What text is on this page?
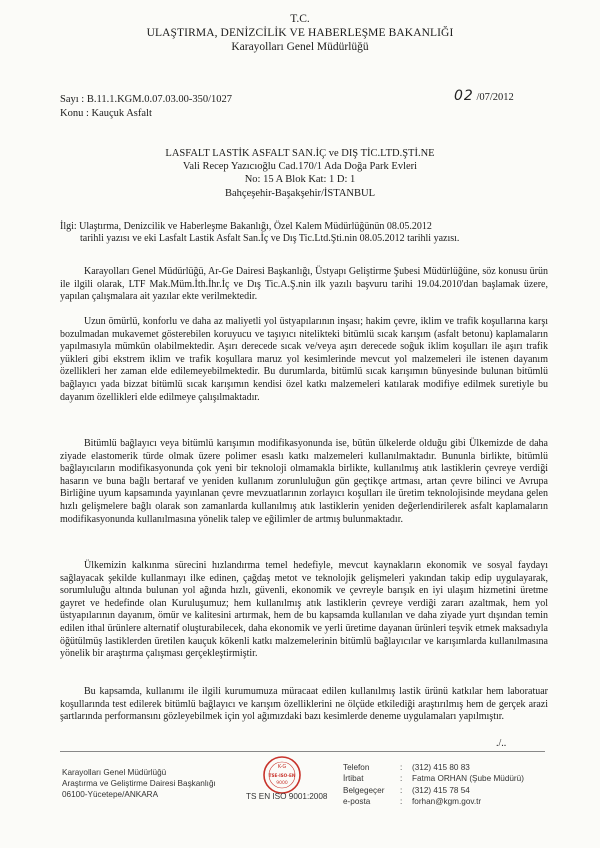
T.C.
ULAŞTIRMA, DENİZCİLİK VE HABERLEŞME BAKANLIĞI
Karayolları Genel Müdürlüğü
Sayı : B.11.1.KGM.0.07.03.00-350/1027
Konu : Kauçuk Asfalt
02 /07/2012
LASFALT LASTİK ASFALT SAN.İÇ ve DIŞ TİC.LTD.ŞTİ.NE
Vali Recep Yazıcıoğlu Cad.170/1 Ada Doğa Park Evleri
No: 15 A Blok Kat: 1 D: 1
Bahçeşehir-Başakşehir/İSTANBUL
İlgi: Ulaştırma, Denizcilik ve Haberleşme Bakanlığı, Özel Kalem Müdürlüğünün 08.05.2012
tarihli yazısı ve eki Lasfalt Lastik Asfalt San.İç ve Dış Tic.Ltd.Şti.nin 08.05.2012 tarihli yazısı.

Karayolları Genel Müdürlüğü, Ar-Ge Dairesi Başkanlığı, Üstyapı Geliştirme Şubesi Müdürlüğüne, söz konusu ürün ile ilgili olarak, LTF Mak.Müm.İth.İhr.İç ve Dış Tic.A.Ş.nin ilk yazılı başvuru tarihi 19.04.2010'dan başlamak üzere, yapılan çalışmalara ait yazılar ekte verilmektedir.

Uzun ömürlü, konforlu ve daha az maliyetli yol üstyapılarının inşası; hakim çevre, iklim ve trafik koşullarına karşı bozulmadan mukavemet gösterebilen koruyucu ve taşıyıcı nitelikteki bitümlü sıcak karışım (asfalt betonu) kaplamaların yapılmasıyla mümkün olabilmektedir. Aşırı derecede sıcak ve/veya aşırı derecede soğuk iklim koşulları ile aşırı trafik yükleri gibi ekstrem iklim ve trafik koşullara maruz yol kesimlerinde mevcut yol malzemeleri ile istenen dayanım özellikleri her zaman elde edilemeyebilmektedir. Bu durumlarda, bitümlü sıcak karışımın bünyesinde bulunan bitümlü bağlayıcı yada bizzat bitümlü sıcak karışımın kendisi özel katkı malzemeleri katılarak modifiye edilmek suretiyle bu dayanım özellikleri elde edilmeye çalışılmaktadır.

Bitümlü bağlayıcı veya bitümlü karışımın modifikasyonunda ise, bütün ülkelerde olduğu gibi Ülkemizde de daha ziyade elastomerik türde olmak üzere polimer esaslı katkı malzemeleri kullanılmaktadır. Bununla birlikte, bitümlü bağlayıcıların modifikasyonunda çok yeni bir teknoloji olmamakla birlikte, kullanılmış atık lastiklerin çevreye verdiği hasarın ve buna bağlı bertaraf ve yeniden kullanım zorunluluğun gün geçtikçe artması, artan çevre bilinci ve Avrupa Birliğine uyum kapsamında yayınlanan çevre mevzuatlarının zorlayıcı koşulları ile üretim teknolojisinde meydana gelen hızlı gelişmelere bağlı olarak son zamanlarda kullanılmış atık lastiklerin yeniden değerlendirilerek asfalt kaplamaların modifikasyonunda kullanılmasına yönelik talep ve eğilimler de artmış bulunmaktadır.

Ülkemizin kalkınma sürecini hızlandırma temel hedefiyle, mevcut kaynakların ekonomik ve sosyal faydayı sağlayacak şekilde kullanmayı ilke edinen, çağdaş metot ve teknolojik gelişmeleri yakından takip edip uygulayarak, sorumluluğu altında bulunan yol ağında hızlı, güvenli, ekonomik ve çevreyle barışık en iyi ulaşım hizmetini üretme gayret ve hedefinde olan Kuruluşumuz; hem kullanılmış atık lastiklerin çevreye verdiği zararı azaltmak, hem yol üstyapılarının dayanım, ömür ve kalitesini artırmak, hem de bu kapsamda kullanılan ve daha ziyade yurt dışından temin edilen ithal ürünlere alternatif oluşturabilecek, daha ekonomik ve yerli üretime dayanan ürünleri teşvik etmek maksadıyla öğütülmüş lastiklerden üretilen kauçuk kökenli katkı malzemelerinin bitümlü bağlayıcılar ve karışımlarda kullanılmasına yönelik bir araştırma çalışması gerçekleştirmiştir.

Bu kapsamda, kullanımı ile ilgili kurumumuza müracaat edilen kullanılmış lastik ürünü katkılar hem laboratuar koşullarında test edilerek bitümlü bağlayıcı ve karışım özelliklerini ne ölçüde etkilediği araştırılmış hem de gerçek arazi şartlarında performansını gözleyebilmek için yol ağımızdaki bazı kesimlerde deneme uygulamaları yapılmıştır.

./..
Karayolları Genel Müdürlüğü
Araştırma ve Geliştirme Dairesi Başkanlığı
06100-Yücetepe/ANKARA
K-G
TSE-ISO-EN
9000
TS EN ISO 9001:2008
Telefon	:	(312) 415 80 83
İrtibat	:	Fatma ORHAN (Şube Müdürü)
Belgegeçer	:	(312) 415 78 54
e-posta	:	forhan@kgm.gov.tr
